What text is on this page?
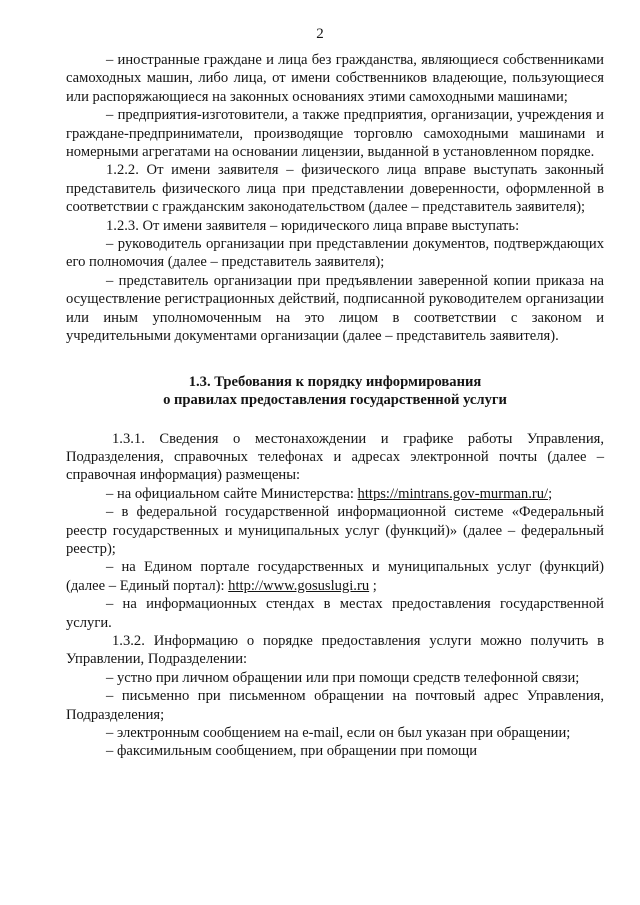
2

– иностранные граждане и лица без гражданства, являющиеся собственниками самоходных машин, либо лица, от имени собственников владеющие, пользующиеся или распоряжающиеся на законных основаниях этими самоходными машинами;

– предприятия-изготовители, а также предприятия, организации, учреждения и граждане-предприниматели, производящие торговлю самоходными машинами и номерными агрегатами на основании лицензии, выданной в установленном порядке.

1.2.2. От имени заявителя – физического лица вправе выступать законный представитель физического лица при представлении доверенности, оформленной в соответствии с гражданским законодательством (далее – представитель заявителя);

1.2.3. От имени заявителя – юридического лица вправе выступать:

– руководитель организации при представлении документов, подтверждающих его полномочия (далее – представитель заявителя);

– представитель организации при предъявлении заверенной копии приказа на осуществление регистрационных действий, подписанной руководителем организации или иным уполномоченным на это лицом в соответствии с законом и учредительными документами организации (далее – представитель заявителя).

1.3. Требования к порядку информирования
о правилах предоставления государственной услуги

1.3.1. Сведения о местонахождении и графике работы Управления, Подразделения, справочных телефонах и адресах электронной почты (далее – справочная информация) размещены:

– на официальном сайте Министерства: https://mintrans.gov-murman.ru/;

– в федеральной государственной информационной системе «Федеральный реестр государственных и муниципальных услуг (функций)» (далее – федеральный реестр);

– на Едином портале государственных и муниципальных услуг (функций) (далее – Единый портал): http://www.gosuslugi.ru ;

– на информационных стендах в местах предоставления государственной услуги.

1.3.2. Информацию о порядке предоставления услуги можно получить в Управлении, Подразделении:

– устно при личном обращении или при помощи средств телефонной связи;

– письменно при письменном обращении на почтовый адрес Управления, Подразделения;

– электронным сообщением на e-mail, если он был указан при обращении;

– факсимильным сообщением, при обращении при помощи
